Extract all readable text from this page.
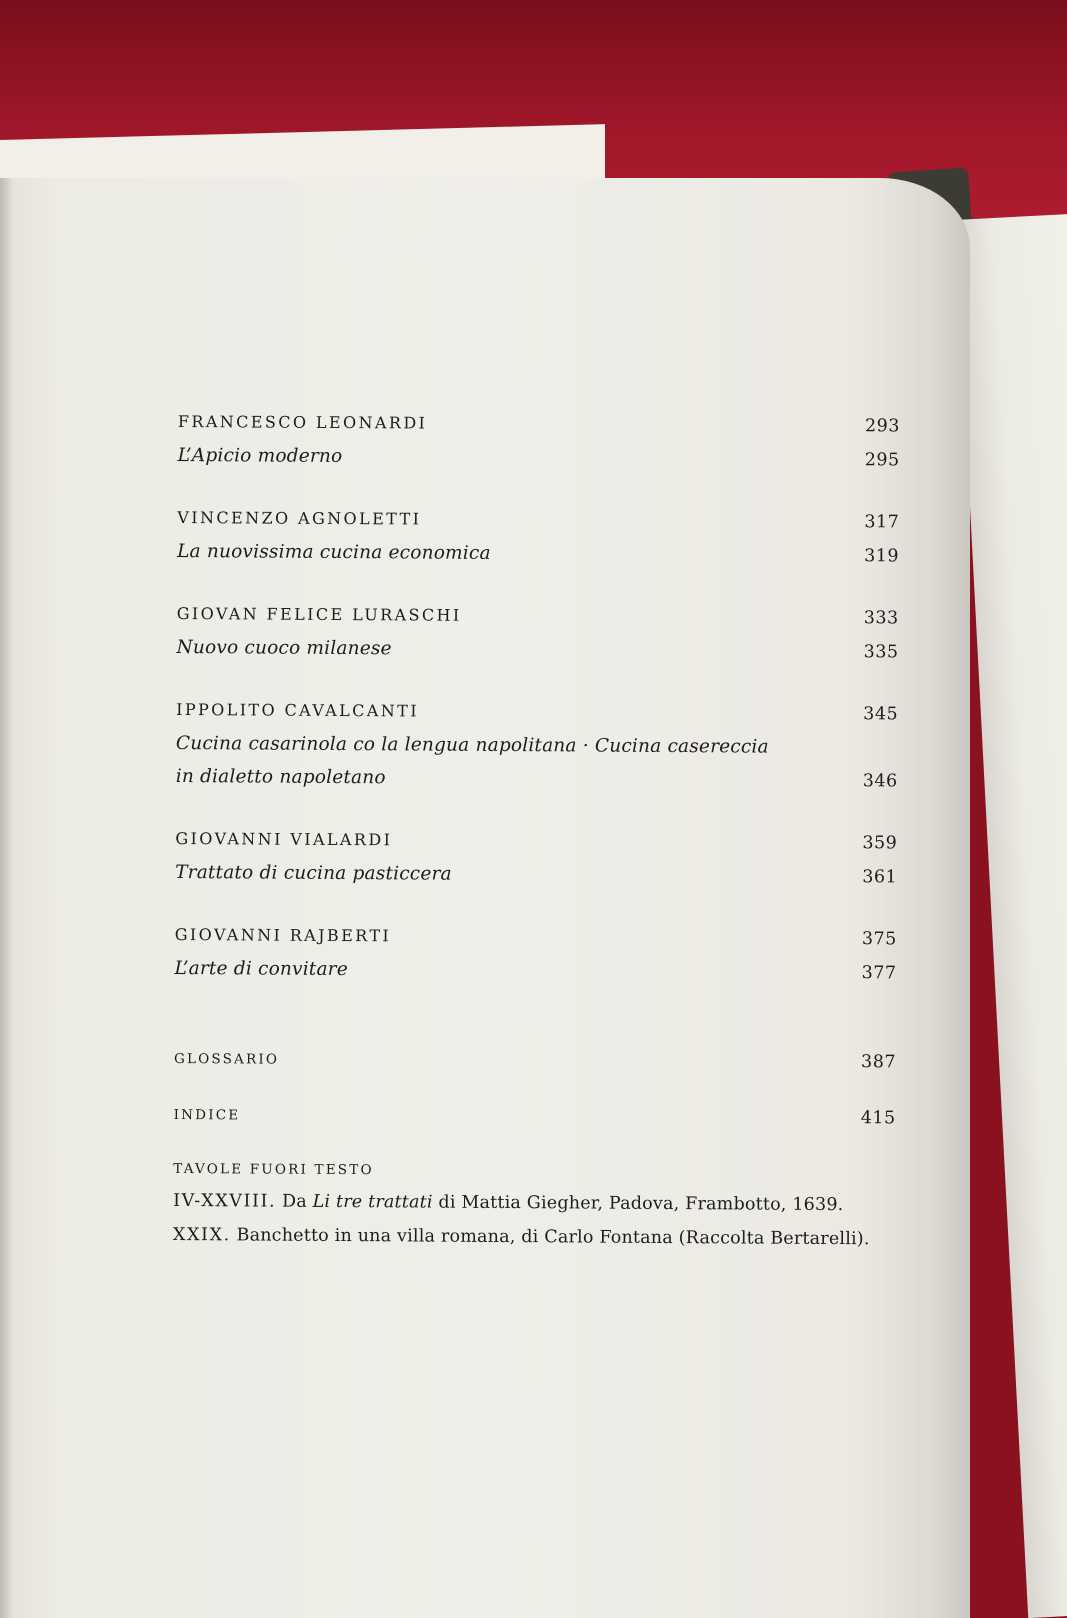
FRANCESCO LEONARDI	293
L’Apicio moderno	295
VINCENZO AGNOLETTI	317
La nuovissima cucina economica	319
GIOVAN FELICE LURASCHI	333
Nuovo cuoco milanese	335
IPPOLITO CAVALCANTI	345
Cucina casarinola co la lengua napolitana · Cucina casereccia
in dialetto napoletano	346
GIOVANNI VIALARDI	359
Trattato di cucina pasticcera	361
GIOVANNI RAJBERTI	375
L’arte di convitare	377
GLOSSARIO	387
INDICE	415
TAVOLE FUORI TESTO
IV-XXVIII. Da Li tre trattati di Mattia Giegher, Padova, Frambotto, 1639.
XXIX. Banchetto in una villa romana, di Carlo Fontana (Raccolta Bertarelli).
